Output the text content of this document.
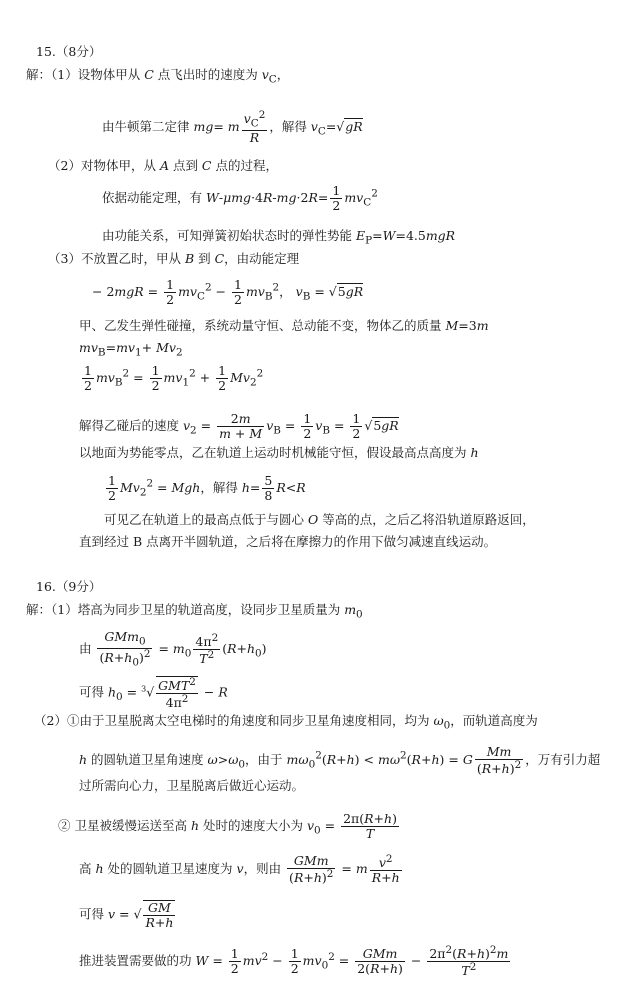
15.（8分）
解：（1）设物体甲从 C 点飞出时的速度为 $v_C$，
由牛顿第二定律 mg= m $\frac{v_C^2}{R}$ ，解得 $v_C=√gR$
（2）对物体甲，从 A 点到 C 点的过程，
依据动能定理，有 $W-\mu mg\cdot 4R-mg\cdot 2R= \frac{1}{2} mv_C^2$
由功能关系，可知弹簧初始状态时的弹性势能 $E_P=W=4.5mgR$
（3）不放置乙时，甲从 B 到 C，由动能定理
− $2mgR = \frac{1}{2} mv_C^2 - \frac{1}{2} mv_B^2$， $v_B = √5gR$
甲、乙发生弹性碰撞，系统动量守恒、总动能不变，物体乙的质量 M=3m
$mv_B=mv_1+ Mv_2$
$\frac{1}{2} mv_B^2 = \frac{1}{2} mv_1^2 + \frac{1}{2} Mv_2^2$
解得乙碰后的速度 $v_2 = \frac{2m}{m + M} v_B = \frac{1}{2} v_B = \frac{1}{2} √5gR$
以地面为势能零点，乙在轨道上运动时机械能守恒，假设最高点高度为 h
$\frac{1}{2} Mv_2^2$ = Mgh，解得 $h= \frac{5}{8} R<R$
可见乙在轨道上的最高点低于与圆心 O 等高的点，之后乙将沿轨道原路返回，
直到经过 B 点离开半圆轨道，之后将在摩擦力的作用下做匀减速直线运动。
16.（9分）
解：（1）塔高为同步卫星的轨道高度，设同步卫星质量为 $m_0$
由 $\frac{GMm_0}{(R+h_0)^2} = m_0 \frac{4\pi^2}{T^2} (R+h_0)$
可得 $h_0 = ^3√ \frac{GMT^2}{4\pi^2} - R$
（2）①由于卫星脱离太空电梯时的角速度和同步卫星角速度相同，均为 $\omega_0$，而轨道高度为
h 的圆轨道卫星角速度 $\omega>\omega_0$，由于 $m\omega_0^2(R+h) < m\omega^2(R+h) = G \frac{Mm}{(R+h)^2}$ ，万有引力超
过所需向心力，卫星脱离后做近心运动。
② 卫星被缓慢运送至高 h 处时的速度大小为 $v_0 = \frac{2\pi(R+h)}{T}$
高 h 处的圆轨道卫星速度为 v，则由 $\frac{\text{GMm}}{(R+h)^2} = m \frac{v^2}{R+h}$
可得 v = √ $\frac{GM}{R+h}$
推进装置需要做的功 $W = \frac{1}{2} mv^2 - \frac{1}{2} mv_0^2 = \frac{\text{GMm}}{2(R+h)} - \frac{2\pi^2(R+h)^2m}{T^2}$
